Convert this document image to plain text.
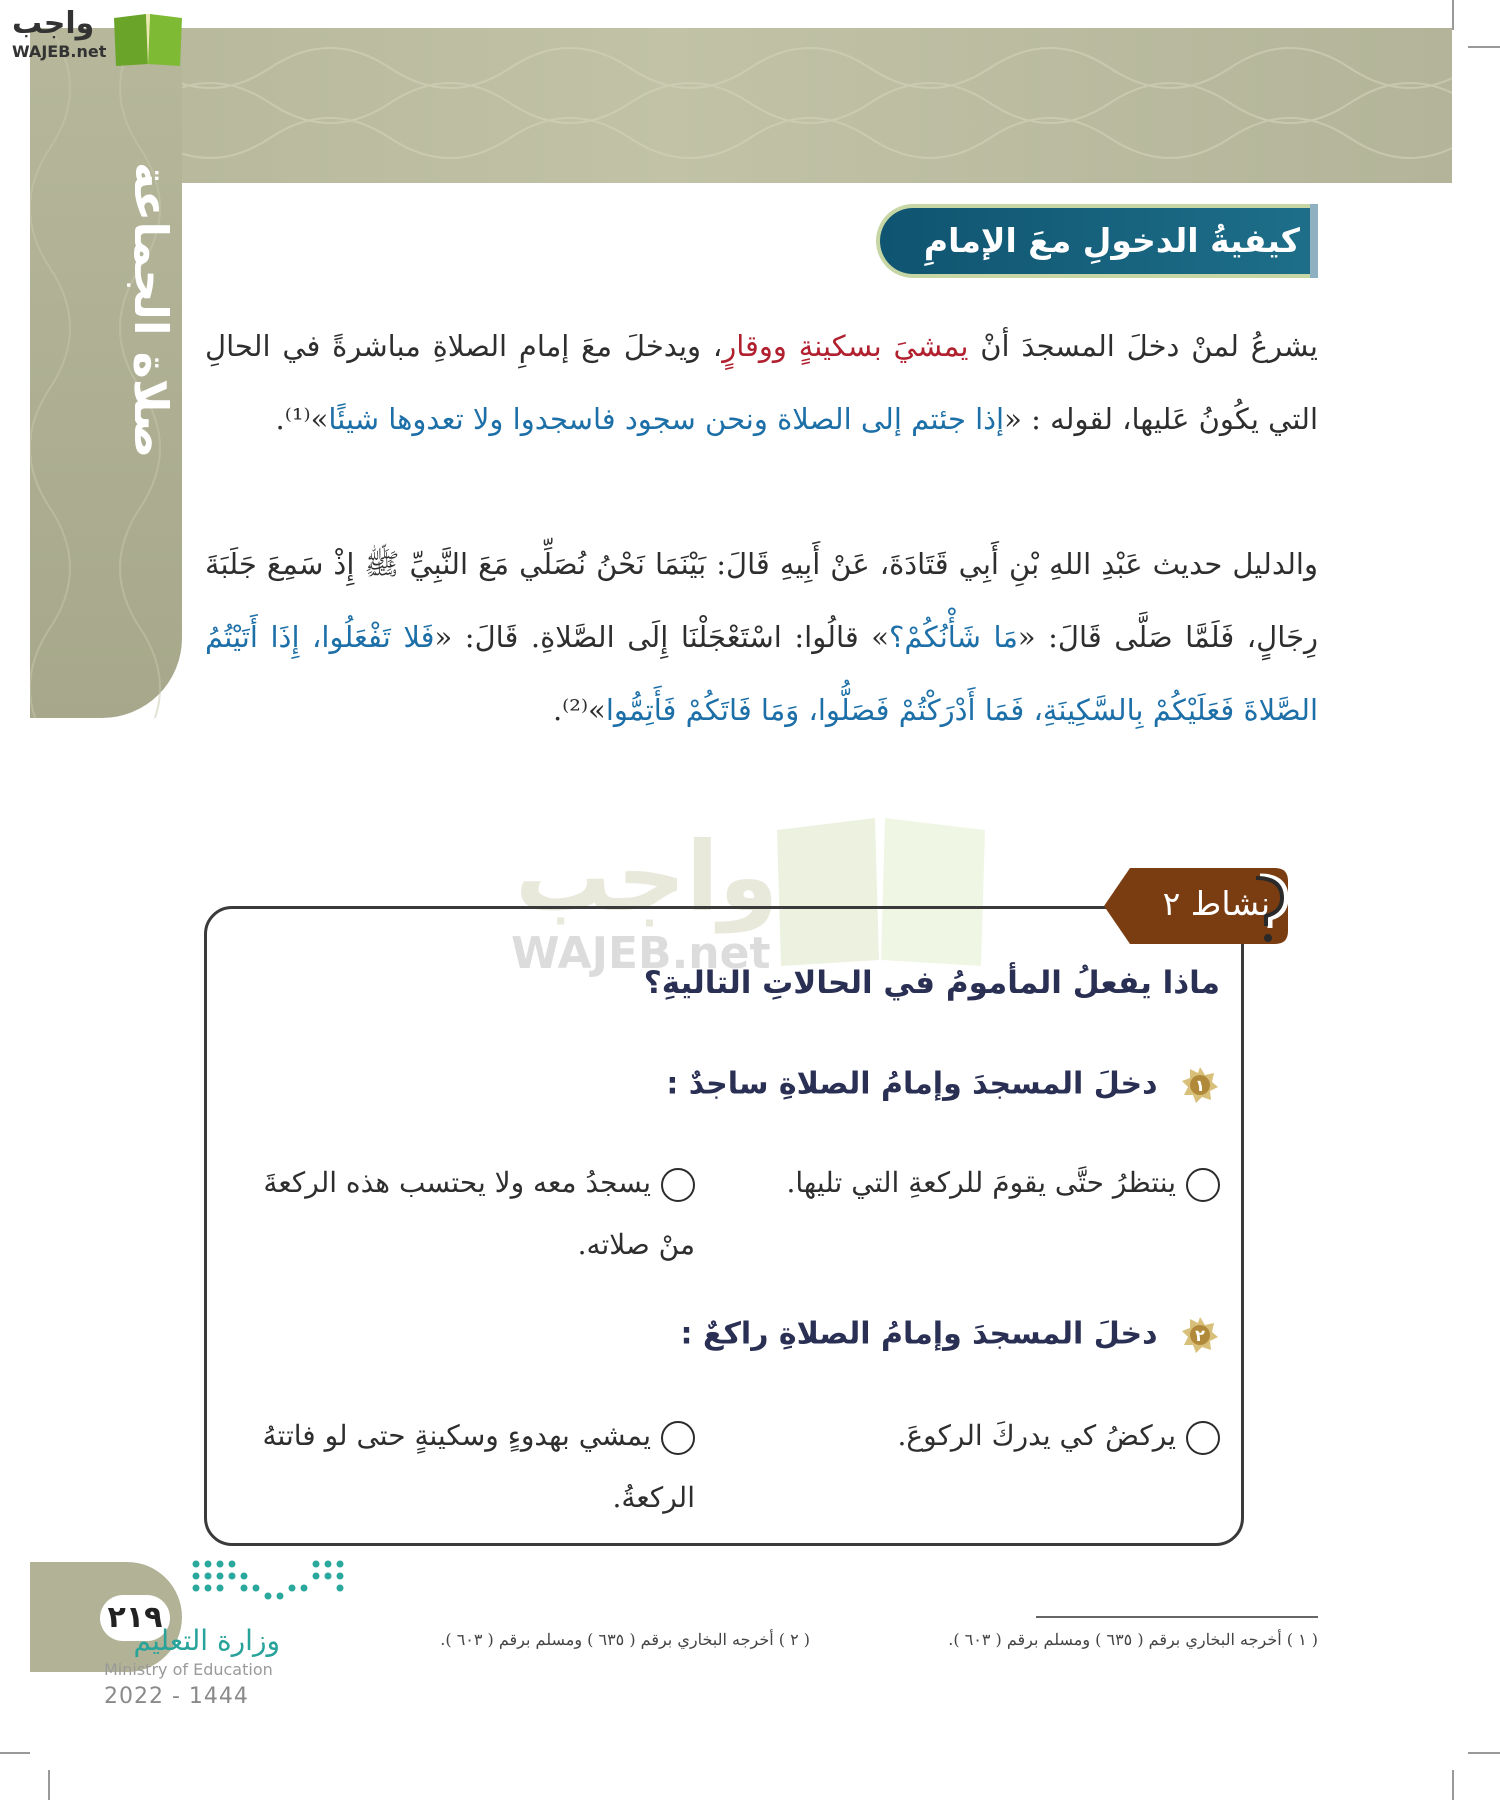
صلاة الجماعة
واجب
WAJEB.net
كيفيةُ الدخولِ معَ الإمامِ
يشرعُ لمنْ دخلَ المسجدَ أنْ يمشيَ بسكينةٍ ووقارٍ، ويدخلَ معَ إمامِ الصلاةِ مباشرةً في الحالِ التي يكُونُ عَليها، لقوله : «إذا جئتم إلى الصلاة ونحن سجود فاسجدوا ولا تعدوها شيئًا»⁽¹⁾.
والدليل حديث عَبْدِ اللهِ بْنِ أَبِي قَتَادَةَ، عَنْ أَبِيهِ قَالَ: بَيْنَمَا نَحْنُ نُصَلِّي مَعَ النَّبِيِّ ﷺ إِذْ سَمِعَ جَلَبَةَ رِجَالٍ، فَلَمَّا صَلَّى قَالَ: «مَا شَأْنُكُمْ؟» قالُوا: اسْتَعْجَلْنَا إِلَى الصَّلاةِ. قَالَ: «فَلا تَفْعَلُوا، إِذَا أَتَيْتُمُ الصَّلاةَ فَعَلَيْكُمْ بِالسَّكِينَةِ، فَمَا أَدْرَكْتُمْ فَصَلُّوا، وَمَا فَاتَكُمْ فَأَتِمُّوا»⁽²⁾.
واجب
WAJEB.net
نشاط ٢
ماذا يفعلُ المأمومُ في الحالاتِ التاليةِ؟
١
دخلَ المسجدَ وإمامُ الصلاةِ ساجدٌ :
ينتظرُ حتَّى يقومَ للركعةِ التي تليها.
يسجدُ معه ولا يحتسب هذه الركعةَ منْ صلاته.
٢
دخلَ المسجدَ وإمامُ الصلاةِ راكعٌ :
يركضُ كي يدركَ الركوعَ.
يمشي بهدوءٍ وسكينةٍ حتى لو فاتتهُ الركعةُ.
٢١٩
وزارة التعليم
Ministry of Education
2022 - 1444
( ١ ) أخرجه البخاري برقم ( ٦٣٥ ) ومسلم برقم ( ٦٠٣ ).
( ٢ ) أخرجه البخاري برقم ( ٦٣٥ ) ومسلم برقم ( ٦٠٣ ).
